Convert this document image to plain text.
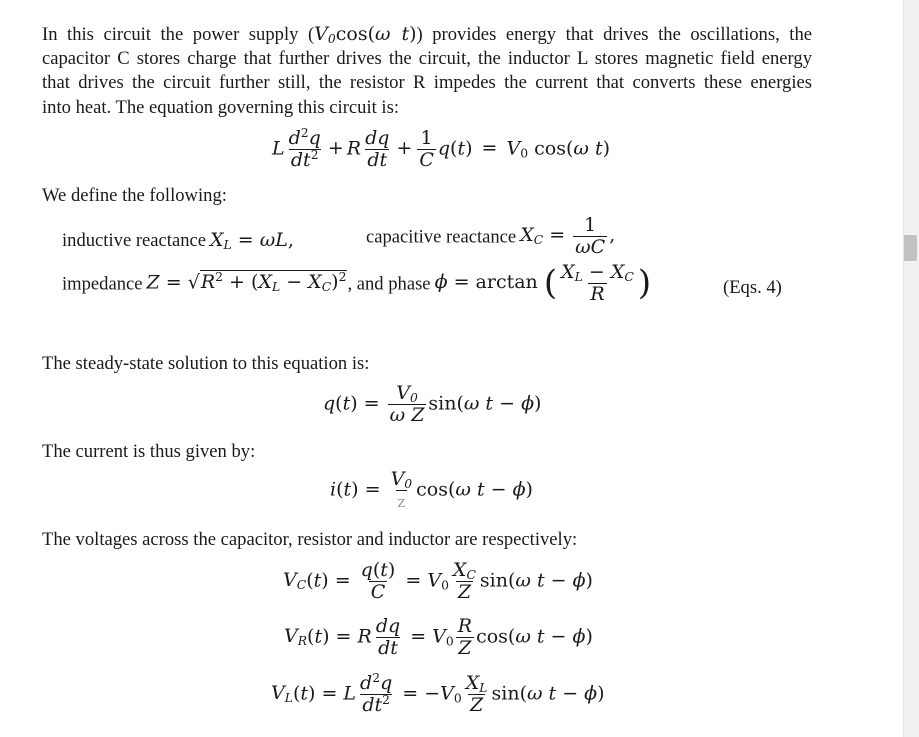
In this circuit the power supply ($V_0\cos(\omega$ t)) provides energy that drives the oscillations, the
capacitor C stores charge that further drives the circuit, the inductor L stores magnetic field energy
that drives the circuit further still, the resistor R impedes the current that converts these energies
into heat. The equation governing this circuit is:
L $\frac{d^2q}{dt^2} + R \frac{dq}{dt} + \frac{1}{C} q(t) = V_0$ cos(ω t)
We define the following:
inductive reactance $X_L = \omega L$,	capacitive reactance $X_C = \frac{1}{\omega C}$ ,
impedance $Z = √R^2 + (X_L - X_C)^2$, and phase ϕ = arctan ( $\frac{X_L - X_C}{R}$ )	(Eqs. 4)
The steady-state solution to this equation is:
$q(t) = \frac{V_0}{\text{ω Z}} \sin(\omega$ t − ϕ)
The current is thus given by:
$i(t) = \frac{V_0}{Z} \cos(\omega$ t − ϕ)
The voltages across the capacitor, resistor and inductor are respectively:
$V_C(t) = \frac{q(t)}{C} = V_0 \frac{X_C}{Z} \sin(\omega$ t − ϕ)
$V_R(t) = R \frac{dq}{dt} = V_0 \frac{R}{Z} \cos(\omega$ t − ϕ)
$V_L(t) = L \frac{d^2q}{dt^2} = -V_0 \frac{X_L}{Z} \sin(\omega$ t − ϕ)
